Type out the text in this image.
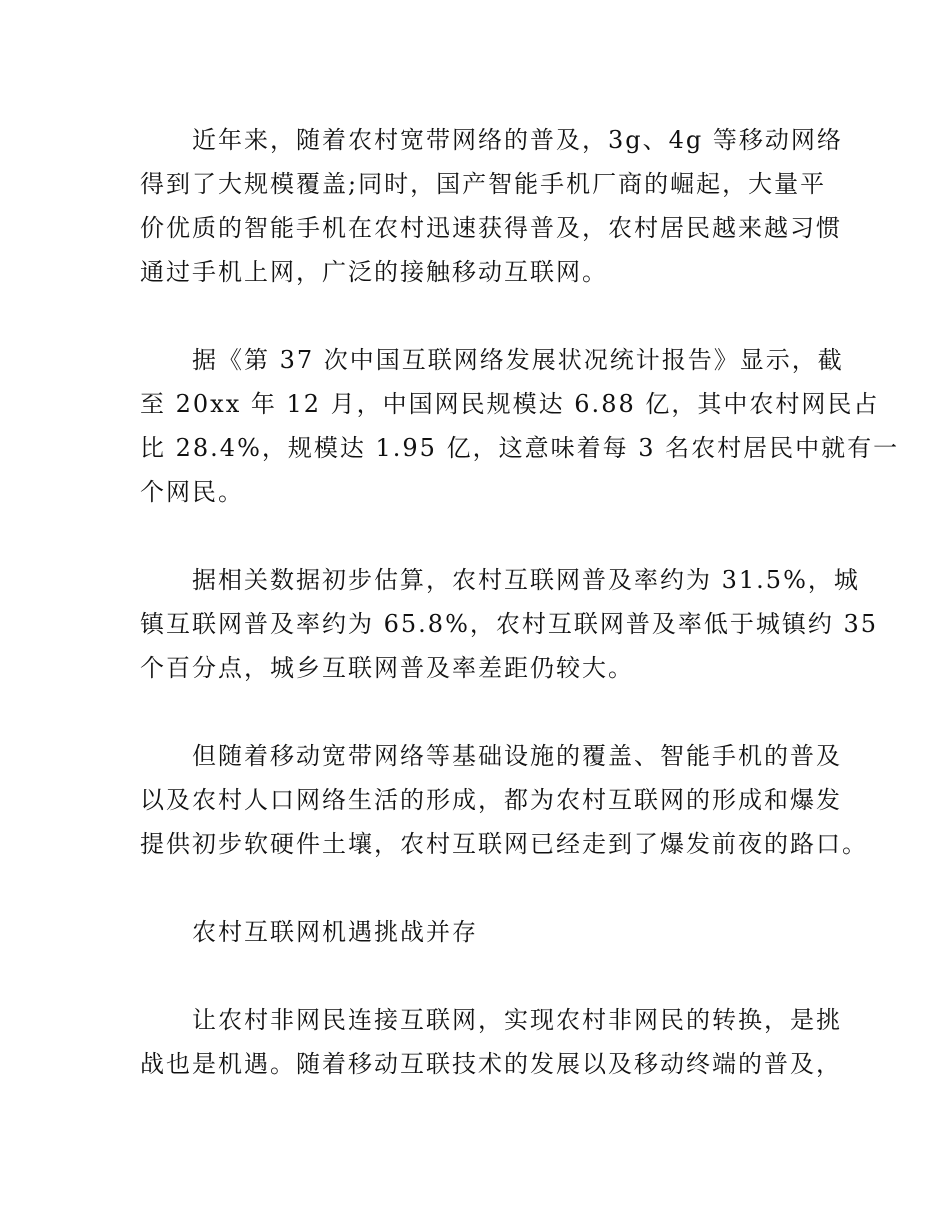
近年来，随着农村宽带网络的普及，3g、4g 等移动网络
得到了大规模覆盖;同时，国产智能手机厂商的崛起，大量平
价优质的智能手机在农村迅速获得普及，农村居民越来越习惯
通过手机上网，广泛的接触移动互联网。

据《第 37 次中国互联网络发展状况统计报告》显示，截
至 20xx 年 12 月，中国网民规模达 6.88 亿，其中农村网民占
比 28.4%，规模达 1.95 亿，这意味着每 3 名农村居民中就有一
个网民。

据相关数据初步估算，农村互联网普及率约为 31.5%，城
镇互联网普及率约为 65.8%，农村互联网普及率低于城镇约 35
个百分点，城乡互联网普及率差距仍较大。

但随着移动宽带网络等基础设施的覆盖、智能手机的普及
以及农村人口网络生活的形成，都为农村互联网的形成和爆发
提供初步软硬件土壤，农村互联网已经走到了爆发前夜的路口。

农村互联网机遇挑战并存

让农村非网民连接互联网，实现农村非网民的转换，是挑
战也是机遇。随着移动互联技术的发展以及移动终端的普及，
